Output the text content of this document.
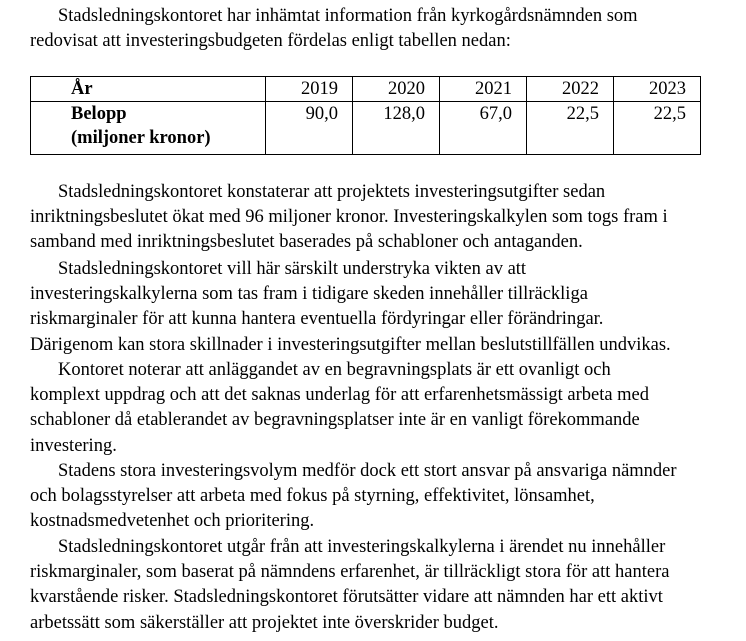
Stadsledningskontoret har inhämtat information från kyrkogårdsnämnden som
redovisat att investeringsbudgeten fördelas enligt tabellen nedan:

År	2019	2020	2021	2022	2023
Belopp
(miljoner kronor)	90,0	128,0	67,0	22,5	22,5

Stadsledningskontoret konstaterar att projektets investeringsutgifter sedan
inriktningsbeslutet ökat med 96 miljoner kronor. Investeringskalkylen som togs fram i
samband med inriktningsbeslutet baserades på schabloner och antaganden.

Stadsledningskontoret vill här särskilt understryka vikten av att
investeringskalkylerna som tas fram i tidigare skeden innehåller tillräckliga
riskmarginaler för att kunna hantera eventuella fördyringar eller förändringar.
Därigenom kan stora skillnader i investeringsutgifter mellan beslutstillfällen undvikas.

Kontoret noterar att anläggandet av en begravningsplats är ett ovanligt och
komplext uppdrag och att det saknas underlag för att erfarenhetsmässigt arbeta med
schabloner då etablerandet av begravningsplatser inte är en vanligt förekommande
investering.

Stadens stora investeringsvolym medför dock ett stort ansvar på ansvariga nämnder
och bolagsstyrelser att arbeta med fokus på styrning, effektivitet, lönsamhet,
kostnadsmedvetenhet och prioritering.

Stadsledningskontoret utgår från att investeringskalkylerna i ärendet nu innehåller
riskmarginaler, som baserat på nämndens erfarenhet, är tillräckligt stora för att hantera
kvarstående risker. Stadsledningskontoret förutsätter vidare att nämnden har ett aktivt
arbetssätt som säkerställer att projektet inte överskrider budget.
